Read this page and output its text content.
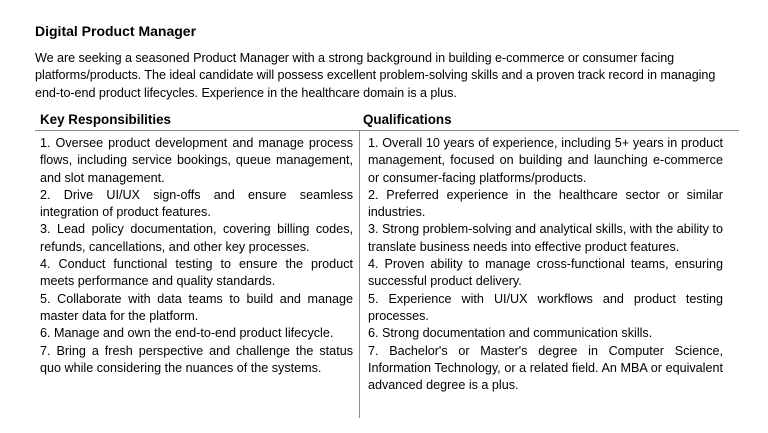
Digital Product Manager

We are seeking a seasoned Product Manager with a strong background in building e-commerce or consumer facing platforms/products. The ideal candidate will possess excellent problem-solving skills and a proven track record in managing end-to-end product lifecycles. Experience in the healthcare domain is a plus.

Key Responsibilities	Qualifications

1. Oversee product development and manage process flows, including service bookings, queue management, and slot management.

2. Drive UI/UX sign-offs and ensure seamless integration of product features.

3. Lead policy documentation, covering billing codes, refunds, cancellations, and other key processes.

4. Conduct functional testing to ensure the product meets performance and quality standards.

5. Collaborate with data teams to build and manage master data for the platform.

6. Manage and own the end-to-end product lifecycle.

7. Bring a fresh perspective and challenge the status quo while considering the nuances of the systems.

1. Overall 10 years of experience, including 5+ years in product management, focused on building and launching e-commerce or consumer-facing platforms/products.

2. Preferred experience in the healthcare sector or similar industries.

3. Strong problem-solving and analytical skills, with the ability to translate business needs into effective product features.

4. Proven ability to manage cross-functional teams, ensuring successful product delivery.

5. Experience with UI/UX workflows and product testing processes.

6. Strong documentation and communication skills.

7. Bachelor's or Master's degree in Computer Science, Information Technology, or a related field. An MBA or equivalent advanced degree is a plus.
